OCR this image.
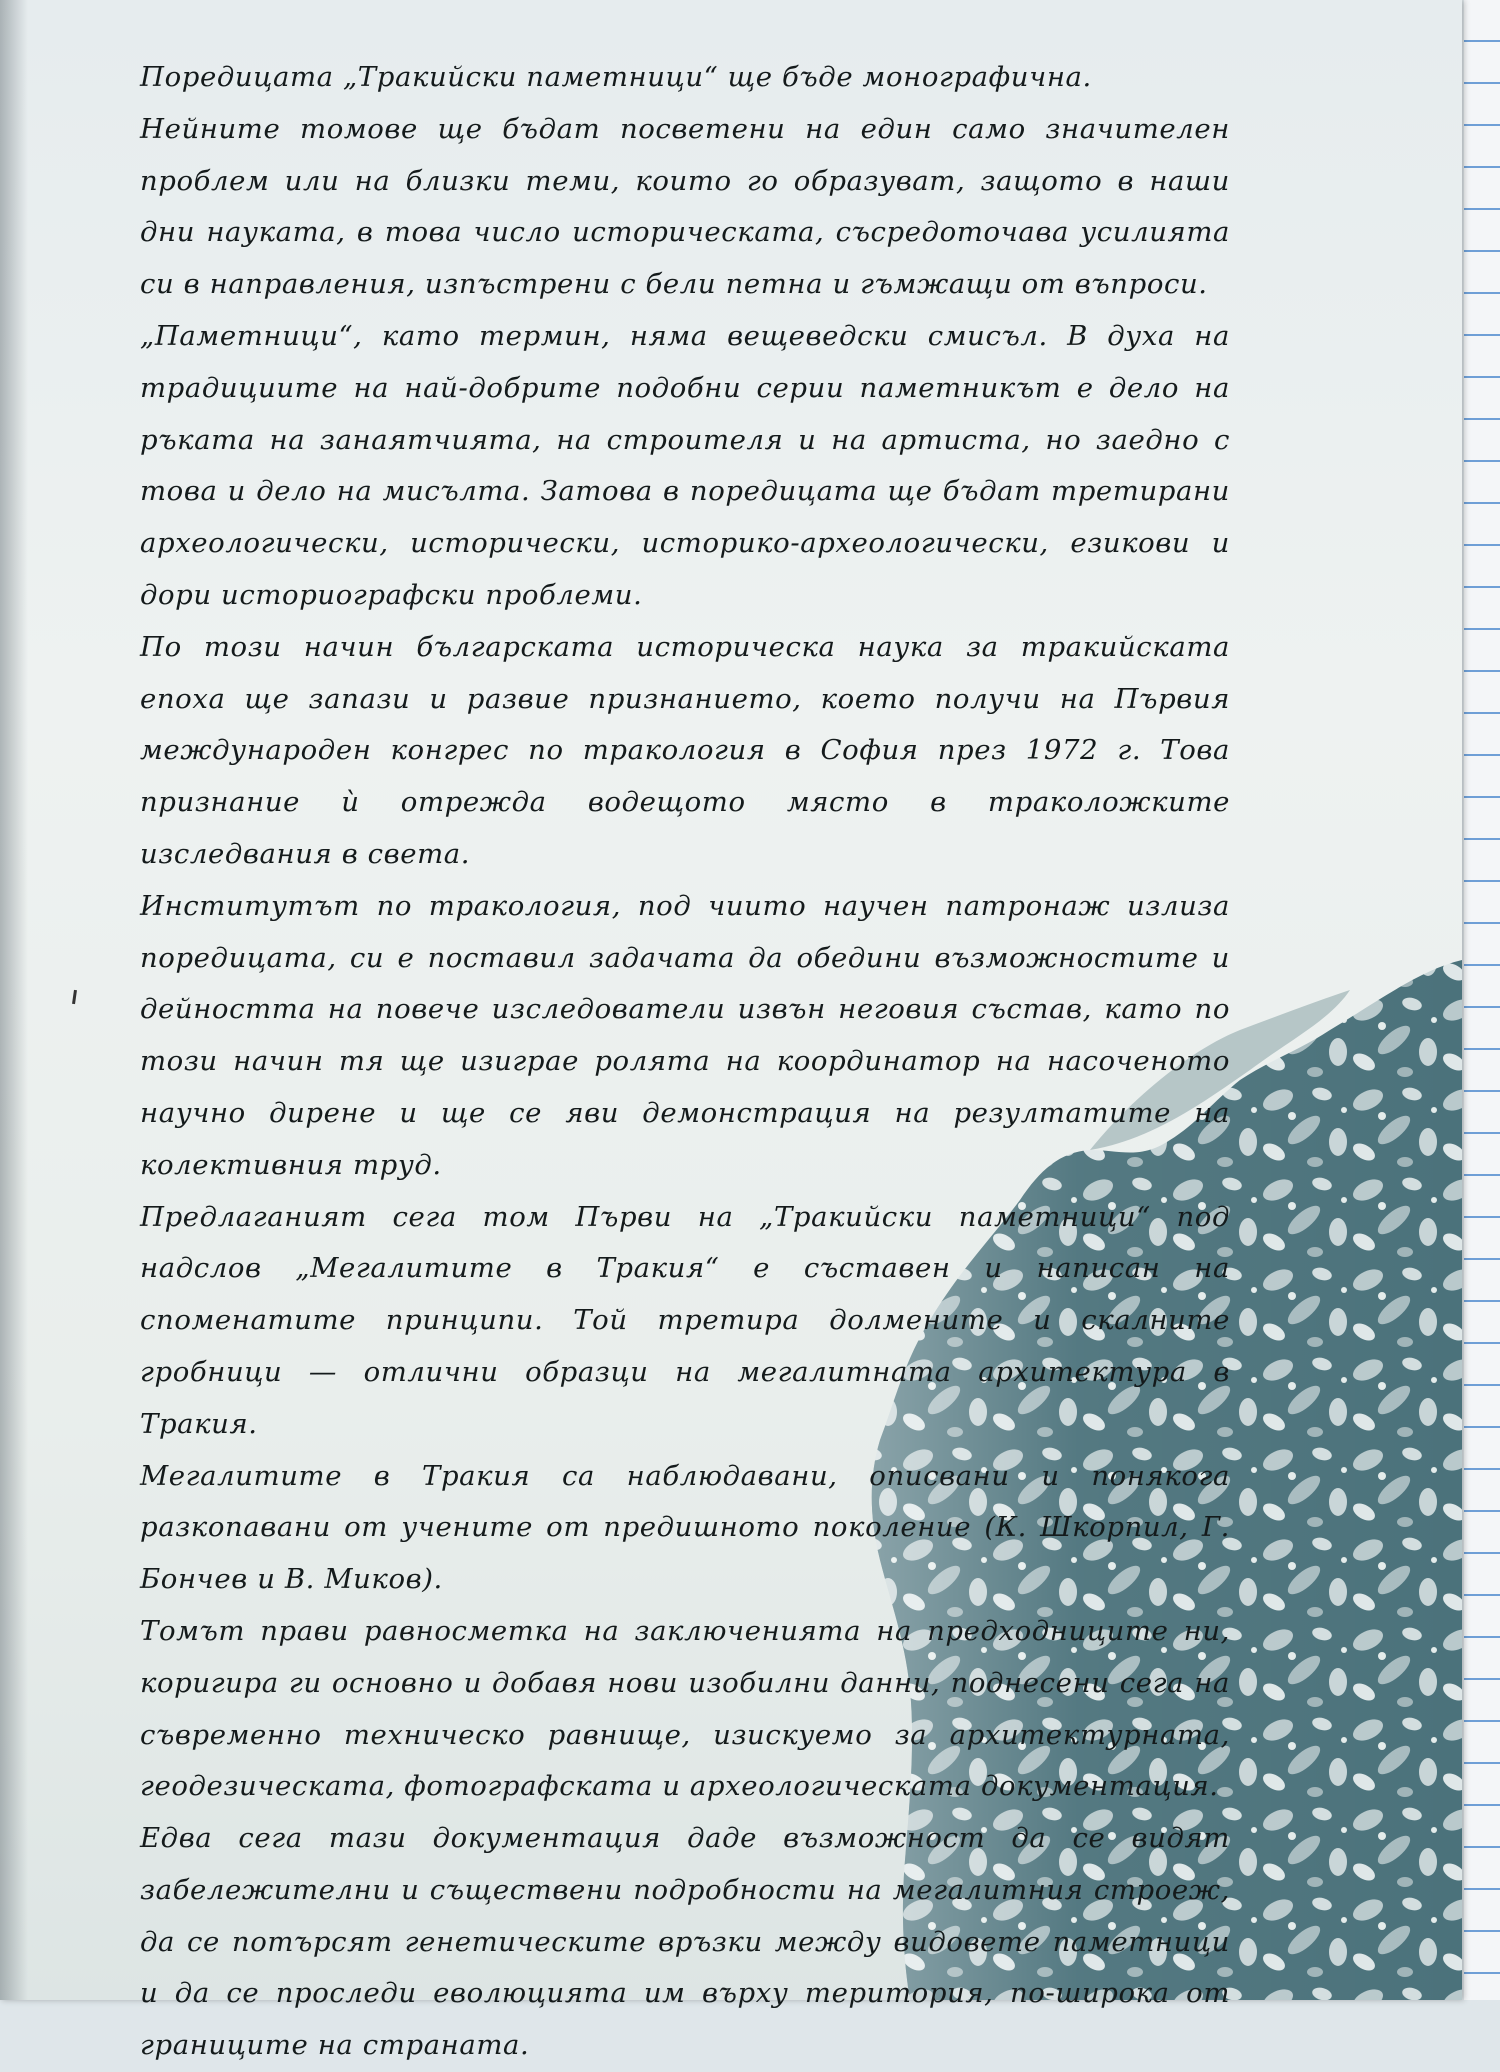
Поредицата „Тракийски паметници“ ще бъде монографична.

Нейните томове ще бъдат посветени на един само значителен проблем или на близки теми, които го образуват, защото в наши дни науката, в това число историческата, съсредоточава усилията си в направления, изпъстрени с бели петна и гъмжащи от въпроси.

„Паметници“, като термин, няма вещеведски смисъл. В духа на традициите на най-добрите подобни серии паметникът е дело на ръката на занаятчията, на строителя и на артиста, но заедно с това и дело на мисълта. Затова в поредицата ще бъдат третирани археологически, исторически, историко-археологически, езикови и дори историографски проблеми.

По този начин българската историческа наука за тракийската епоха ще запази и развие признанието, което получи на Първия международен конгрес по тракология в София през 1972 г. Това признание ѝ отрежда водещото място в траколожките изследвания в света.

Институтът по тракология, под чиито научен патронаж излиза поредицата, си е поставил задачата да обедини възможностите и дейността на повече изследователи извън неговия състав, като по този начин тя ще изиграе ролята на координатор на насоченото научно дирене и ще се яви демонстрация на резултатите на колективния труд.

Предлаганият сега том Първи на „Тракийски паметници“ под надслов „Мегалитите в Тракия“ е съставен и написан на споменатите принципи. Той третира долмените и скалните гробници — отлични образци на мегалитната архитектура в Тракия.

Мегалитите в Тракия са наблюдавани, описвани и понякога разкопавани от учените от предишното поколение (К. Шкорпил, Г. Бончев и В. Миков).

Томът прави равносметка на заключенията на предходниците ни, коригира ги основно и добавя нови изобилни данни, поднесени сега на съвременно техническо равнище, изискуемо за архитектурната, геодезическата, фотографската и археологическата документация.

Едва сега тази документация даде възможност да се видят забележителни и съществени подробности на мегалитния строеж, да се потърсят генетическите връзки между видовете паметници и да се проследи еволюцията им върху територия, по-широка от границите на страната.
